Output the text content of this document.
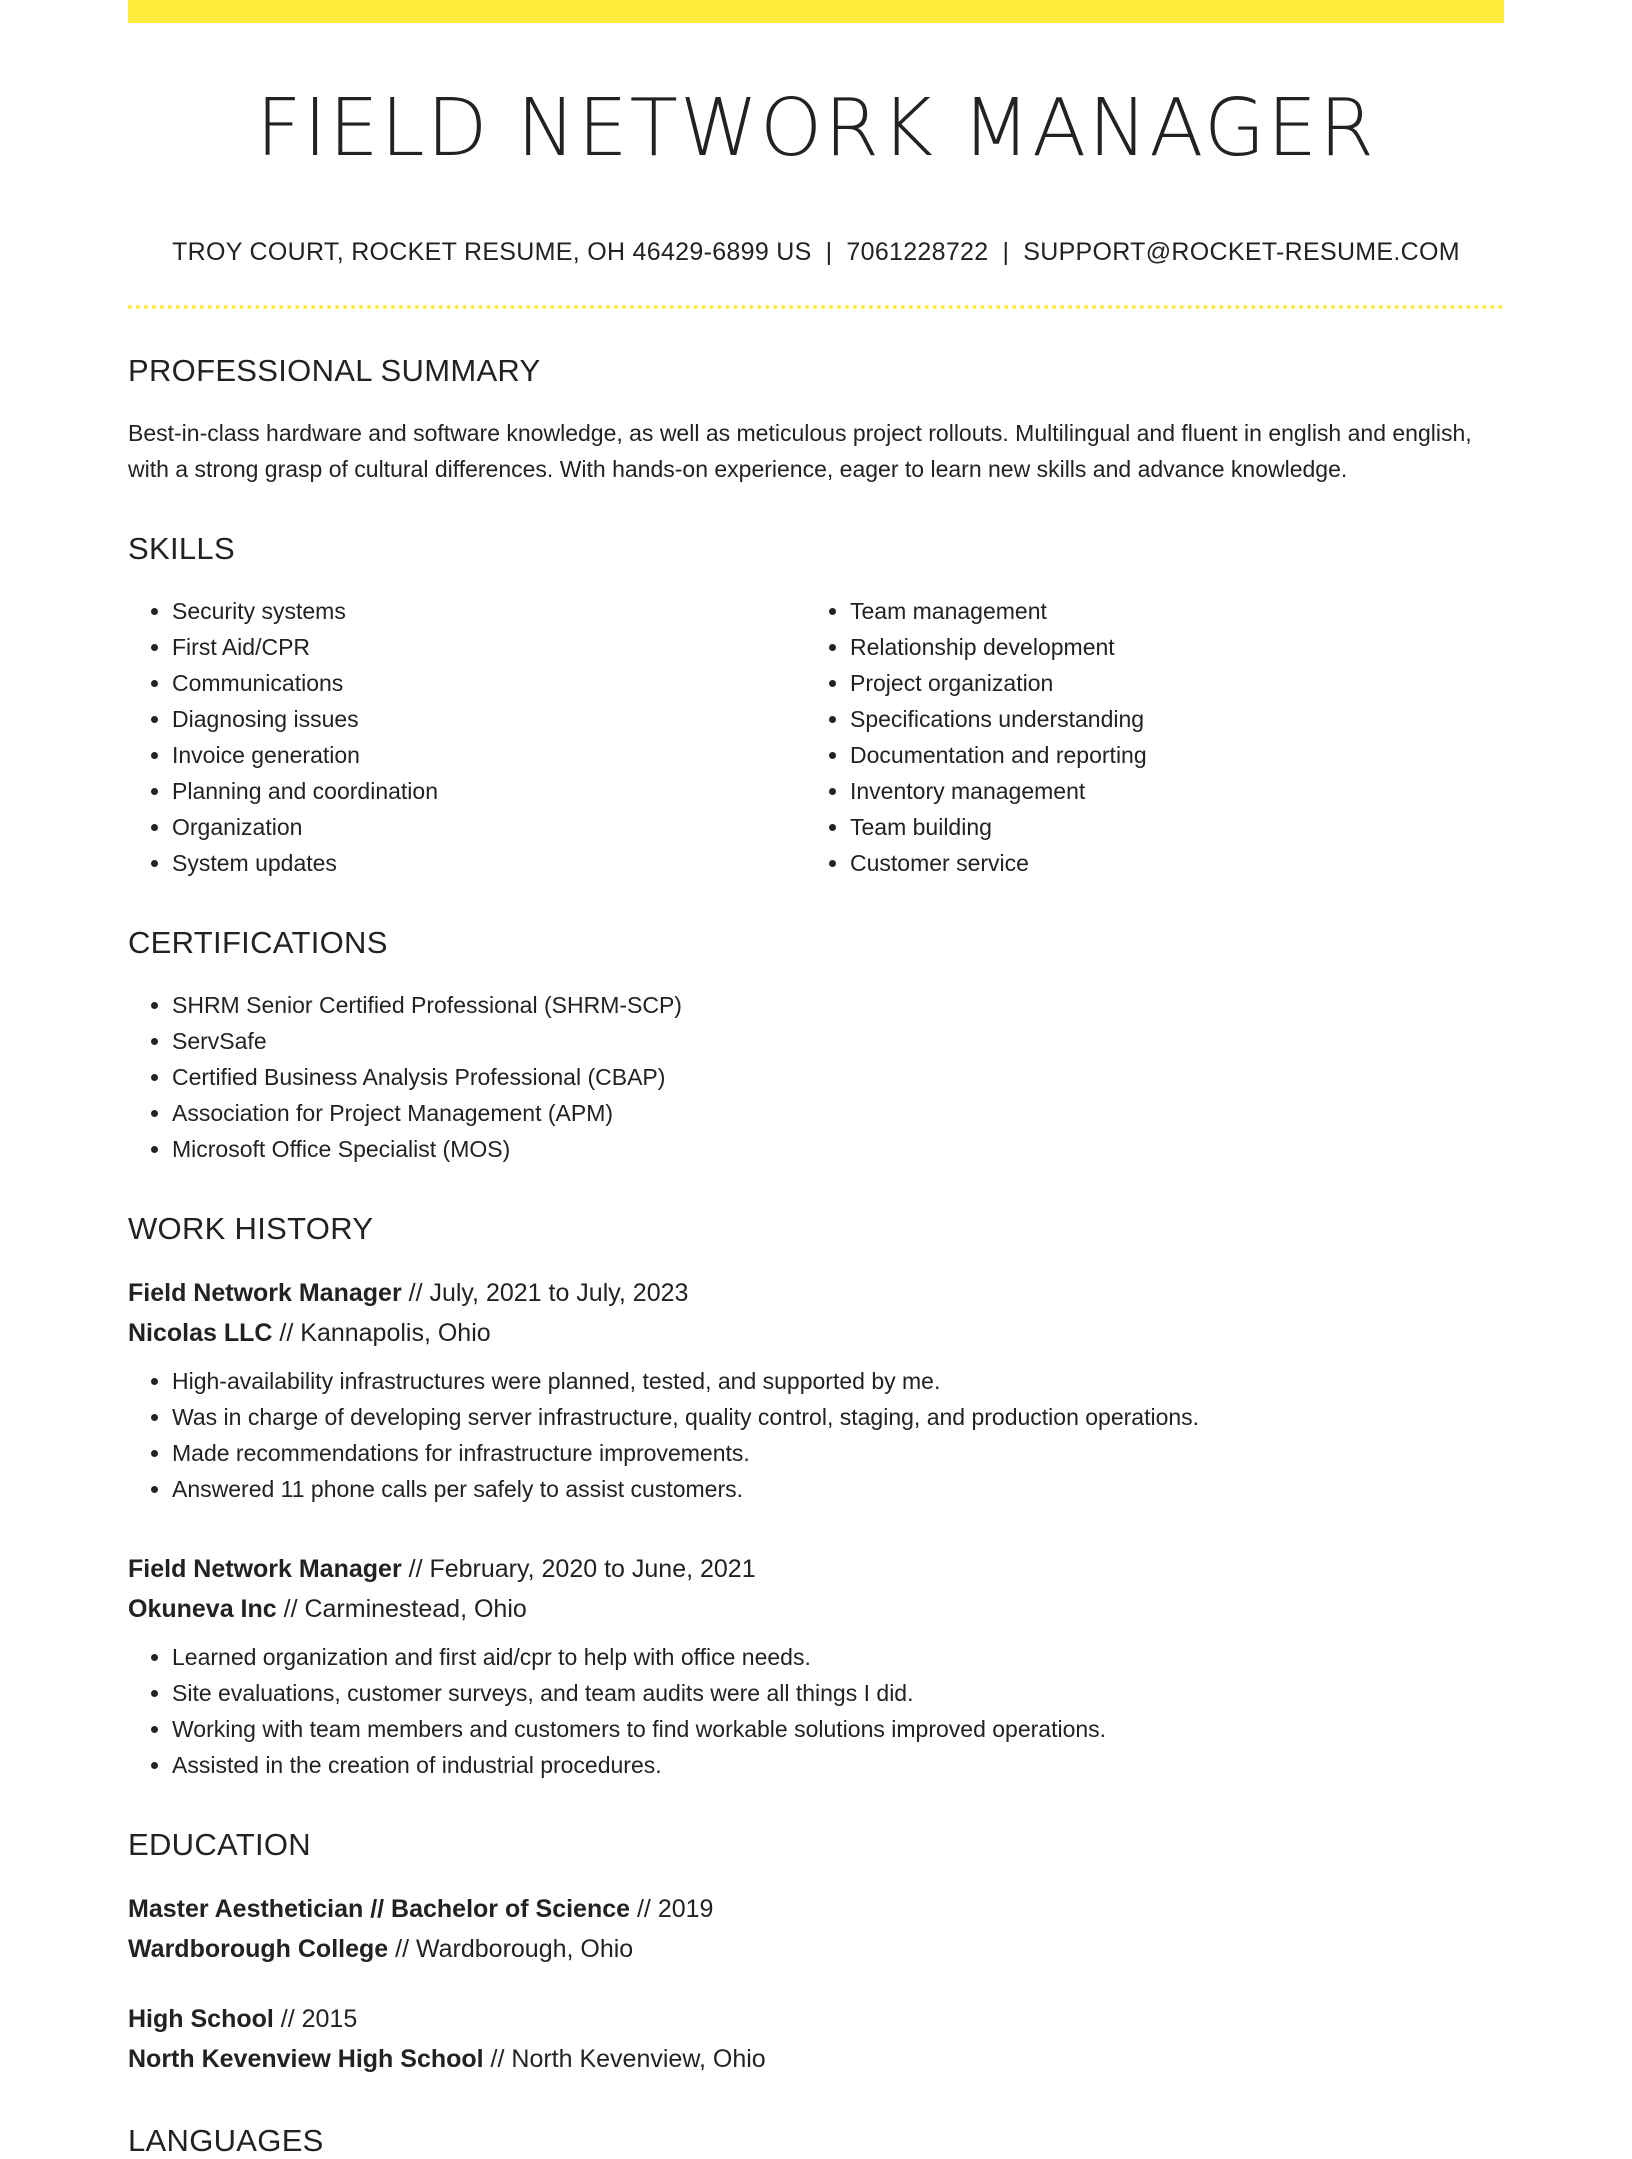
FIELD NETWORK MANAGER
TROY COURT, ROCKET RESUME, OH 46429-6899 US | 7061228722 | SUPPORT@ROCKET-RESUME.COM
PROFESSIONAL SUMMARY
Best-in-class hardware and software knowledge, as well as meticulous project rollouts. Multilingual and fluent in english and english, with a strong grasp of cultural differences. With hands-on experience, eager to learn new skills and advance knowledge.
SKILLS
• Security systems
• First Aid/CPR
• Communications
• Diagnosing issues
• Invoice generation
• Planning and coordination
• Organization
• System updates
• Team management
• Relationship development
• Project organization
• Specifications understanding
• Documentation and reporting
• Inventory management
• Team building
• Customer service
CERTIFICATIONS
• SHRM Senior Certified Professional (SHRM-SCP)
• ServSafe
• Certified Business Analysis Professional (CBAP)
• Association for Project Management (APM)
• Microsoft Office Specialist (MOS)
WORK HISTORY
Field Network Manager // July, 2021 to July, 2023
Nicolas LLC // Kannapolis, Ohio
• High-availability infrastructures were planned, tested, and supported by me.
• Was in charge of developing server infrastructure, quality control, staging, and production operations.
• Made recommendations for infrastructure improvements.
• Answered 11 phone calls per safely to assist customers.
Field Network Manager // February, 2020 to June, 2021
Okuneva Inc // Carminestead, Ohio
• Learned organization and first aid/cpr to help with office needs.
• Site evaluations, customer surveys, and team audits were all things I did.
• Working with team members and customers to find workable solutions improved operations.
• Assisted in the creation of industrial procedures.
EDUCATION
Master Aesthetician // Bachelor of Science // 2019
Wardborough College // Wardborough, Ohio
High School // 2015
North Kevenview High School // North Kevenview, Ohio
LANGUAGES
